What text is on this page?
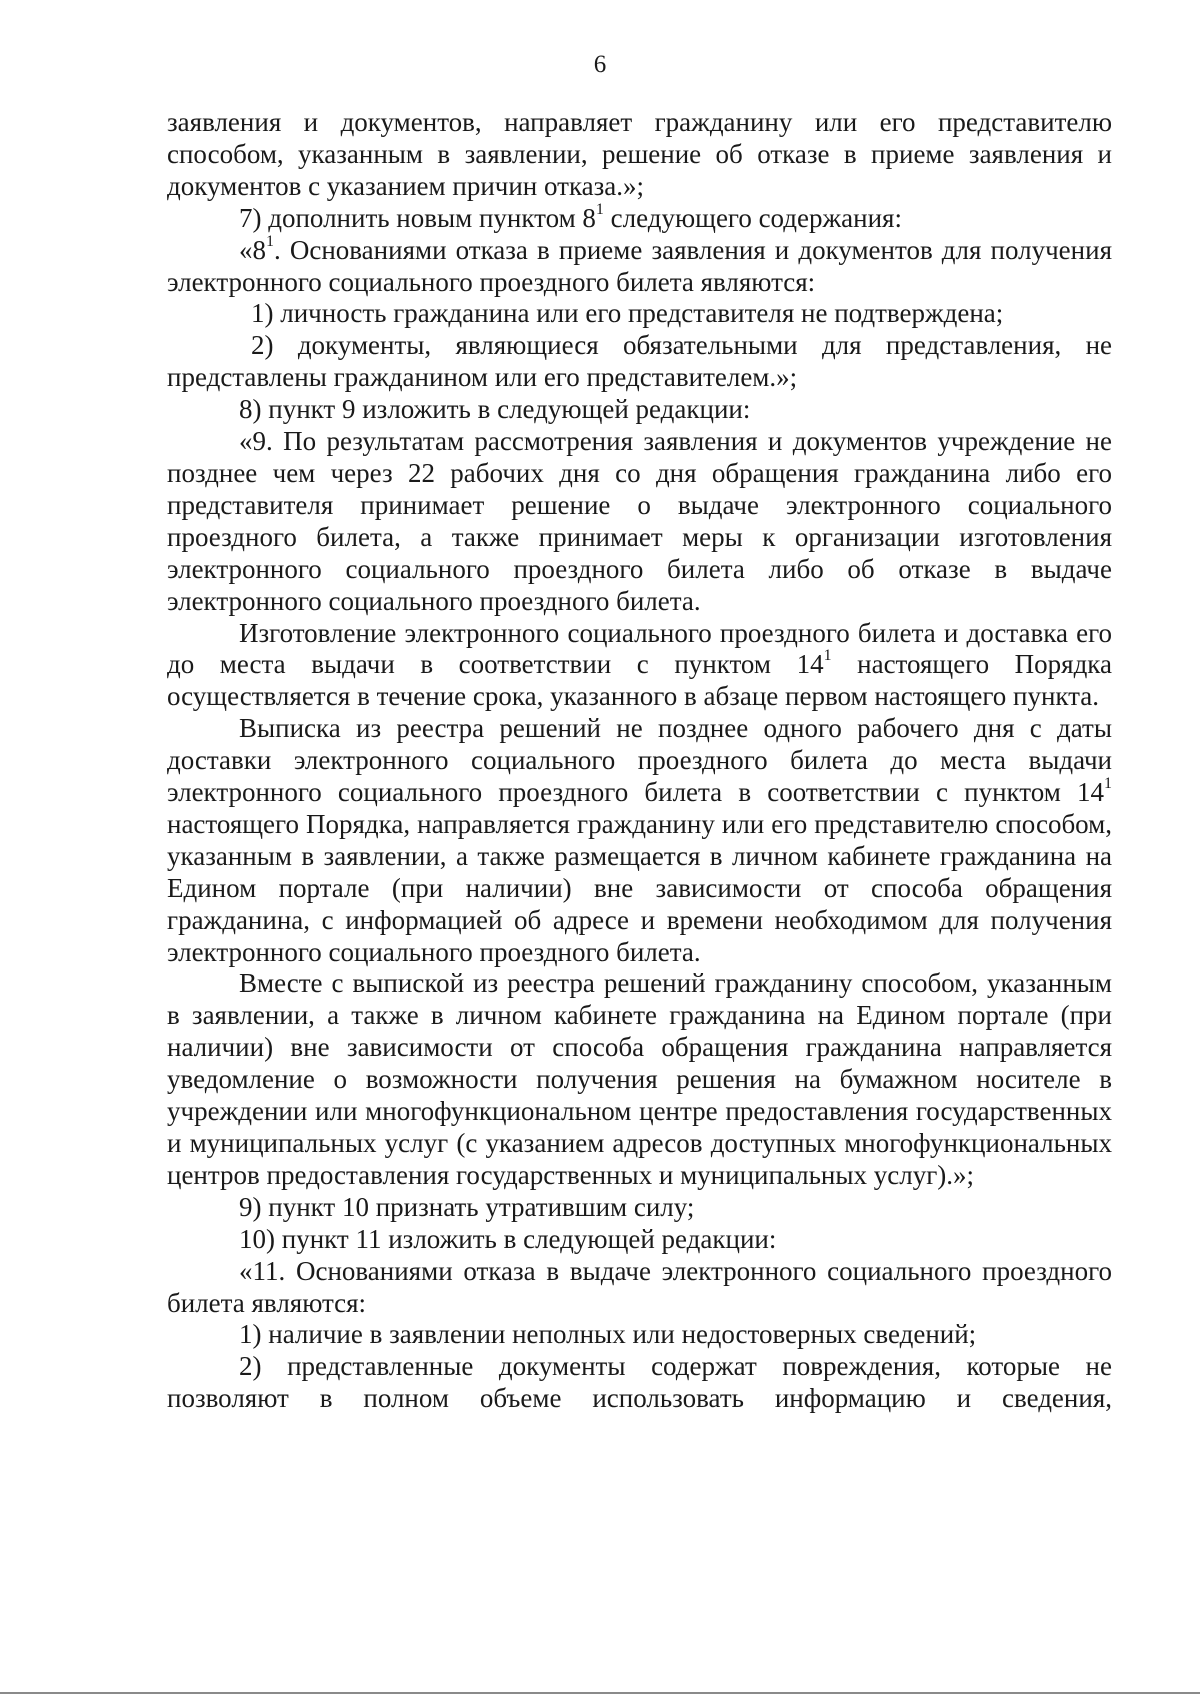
6

заявления и документов, направляет гражданину или его представителю способом, указанным в заявлении, решение об отказе в приеме заявления и документов с указанием причин отказа.»;

7) дополнить новым пунктом $8^1$ следующего содержания:

«$8^1$. Основаниями отказа в приеме заявления и документов для получения электронного социального проездного билета являются:

1) личность гражданина или его представителя не подтверждена;

2) документы, являющиеся обязательными для представления, не представлены гражданином или его представителем.»;

8) пункт 9 изложить в следующей редакции:

«9. По результатам рассмотрения заявления и документов учреждение не позднее чем через 22 рабочих дня со дня обращения гражданина либо его представителя принимает решение о выдаче электронного социального проездного билета, а также принимает меры к организации изготовления электронного социального проездного билета либо об отказе в выдаче электронного социального проездного билета.

Изготовление электронного социального проездного билета и доставка его до места выдачи в соответствии с пунктом $14^1$ настоящего Порядка осуществляется в течение срока, указанного в абзаце первом настоящего пункта.

Выписка из реестра решений не позднее одного рабочего дня с даты доставки электронного социального проездного билета до места выдачи электронного социального проездного билета в соответствии с пунктом $14^1$ настоящего Порядка, направляется гражданину или его представителю способом, указанным в заявлении, а также размещается в личном кабинете гражданина на Едином портале (при наличии) вне зависимости от способа обращения гражданина, с информацией об адресе и времени необходимом для получения электронного социального проездного билета.

Вместе с выпиской из реестра решений гражданину способом, указанным в заявлении, а также в личном кабинете гражданина на Едином портале (при наличии) вне зависимости от способа обращения гражданина направляется уведомление о возможности получения решения на бумажном носителе в учреждении или многофункциональном центре предоставления государственных и муниципальных услуг (с указанием адресов доступных многофункциональных центров предоставления государственных и муниципальных услуг).»;

9) пункт 10 признать утратившим силу;

10) пункт 11 изложить в следующей редакции:

«11. Основаниями отказа в выдаче электронного социального проездного билета являются:

1) наличие в заявлении неполных или недостоверных сведений;

2) представленные документы содержат повреждения, которые не позволяют в полном объеме использовать информацию и сведения,
